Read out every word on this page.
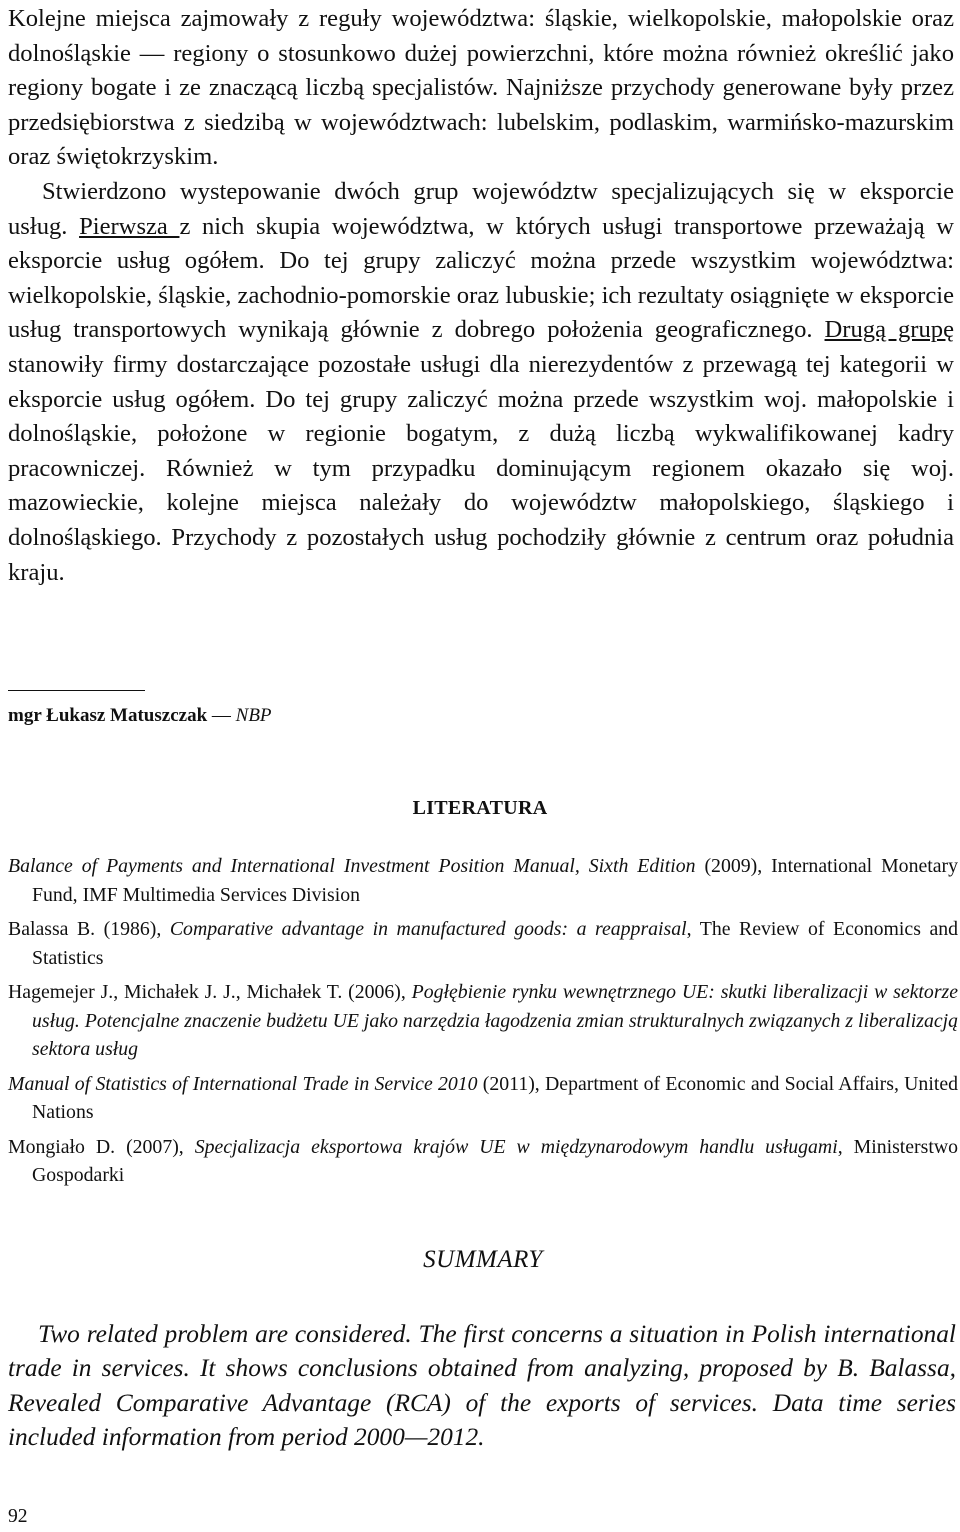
Kolejne miejsca zajmowały z reguły województwa: śląskie, wielkopolskie, małopolskie oraz dolnośląskie — regiony o stosunkowo dużej powierzchni, które można również określić jako regiony bogate i ze znaczącą liczbą specjalistów. Najniższe przychody generowane były przez przedsiębiorstwa z siedzibą w województwach: lubelskim, podlaskim, warmińsko-mazurskim oraz świętokrzyskim.

Stwierdzono wystepowanie dwóch grup województw specjalizujących się w eksporcie usług. Pierwsza z nich skupia województwa, w których usługi transportowe przeważają w eksporcie usług ogółem. Do tej grupy zaliczyć można przede wszystkim województwa: wielkopolskie, śląskie, zachodnio-pomorskie oraz lubuskie; ich rezultaty osiągnięte w eksporcie usług transportowych wynikają głównie z dobrego położenia geograficznego. Drugą grupę stanowiły firmy dostarczające pozostałe usługi dla nierezydentów z przewagą tej kategorii w eksporcie usług ogółem. Do tej grupy zaliczyć można przede wszystkim woj. małopolskie i dolnośląskie, położone w regionie bogatym, z dużą liczbą wykwalifikowanej kadry pracowniczej. Również w tym przypadku dominującym regionem okazało się woj. mazowieckie, kolejne miejsca należały do województw małopolskiego, śląskiego i dolnośląskiego. Przychody z pozostałych usług pochodziły głównie z centrum oraz południa kraju.

mgr Łukasz Matuszczak — NBP
LITERATURA
Balance of Payments and International Investment Position Manual, Sixth Edition (2009), International Monetary Fund, IMF Multimedia Services Division
Balassa B. (1986), Comparative advantage in manufactured goods: a reappraisal, The Review of Economics and Statistics
Hagemejer J., Michałek J. J., Michałek T. (2006), Pogłębienie rynku wewnętrznego UE: skutki liberalizacji w sektorze usług. Potencjalne znaczenie budżetu UE jako narzędzia łagodzenia zmian strukturalnych związanych z liberalizacją sektora usług
Manual of Statistics of International Trade in Service 2010 (2011), Department of Economic and Social Affairs, United Nations
Mongiało D. (2007), Specjalizacja eksportowa krajów UE w międzynarodowym handlu usługami, Ministerstwo Gospodarki
SUMMARY

Two related problem are considered. The first concerns a situation in Polish international trade in services. It shows conclusions obtained from analyzing, proposed by B. Balassa, Revealed Comparative Advantage (RCA) of the exports of services. Data time series included information from period 2000—2012.

92
